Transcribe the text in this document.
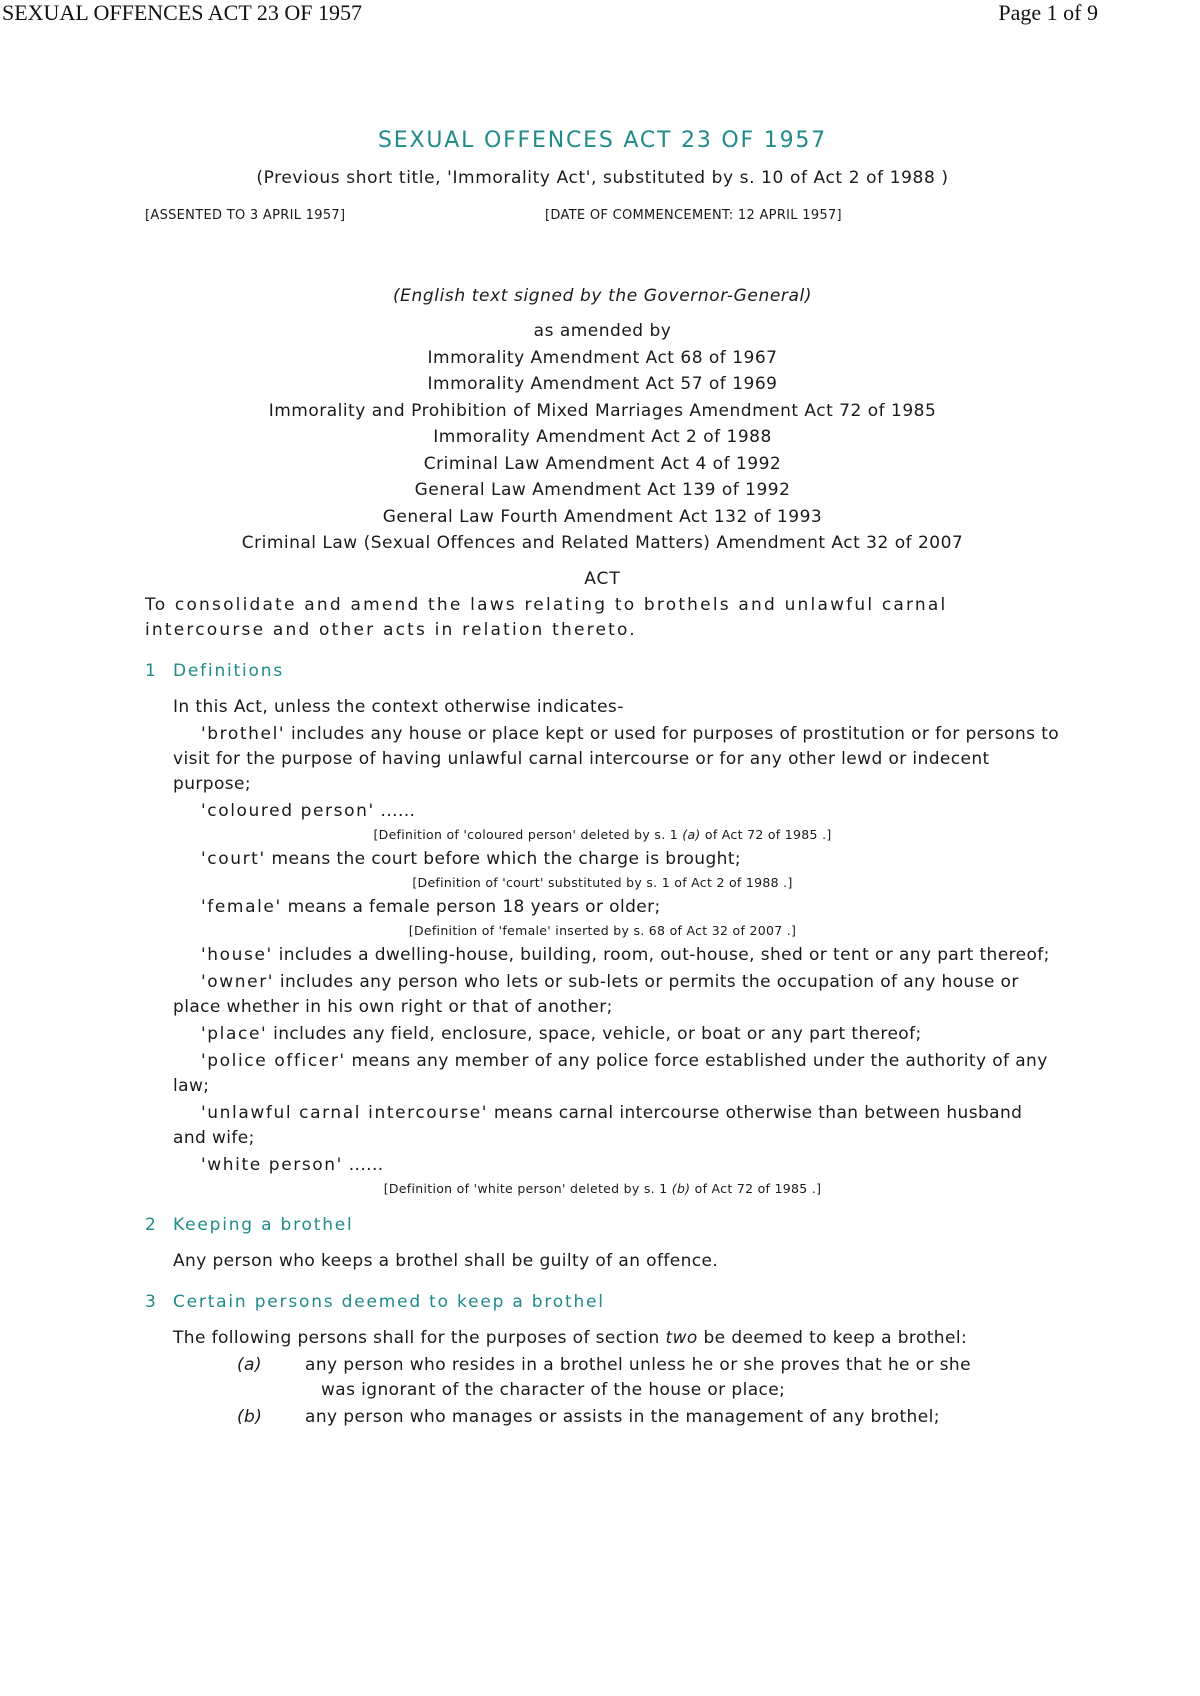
SEXUAL OFFENCES ACT 23 OF 1957	Page 1 of 9

SEXUAL OFFENCES ACT 23 OF 1957

(Previous short title, 'Immorality Act', substituted by s. 10 of Act 2 of 1988 )

[ASSENTED TO 3 APRIL 1957]	[DATE OF COMMENCEMENT: 12 APRIL 1957]
(English text signed by the Governor-General)
as amended by
Immorality Amendment Act 68 of 1967
Immorality Amendment Act 57 of 1969
Immorality and Prohibition of Mixed Marriages Amendment Act 72 of 1985
Immorality Amendment Act 2 of 1988
Criminal Law Amendment Act 4 of 1992
General Law Amendment Act 139 of 1992
General Law Fourth Amendment Act 132 of 1993
Criminal Law (Sexual Offences and Related Matters) Amendment Act 32 of 2007
ACT
To consolidate and amend the laws relating to brothels and unlawful carnal intercourse and other acts in relation thereto.
1 Definitions
In this Act, unless the context otherwise indicates-
'brothel' includes any house or place kept or used for purposes of prostitution or for persons to visit for the purpose of having unlawful carnal intercourse or for any other lewd or indecent purpose;
'coloured person' ......
[Definition of 'coloured person' deleted by s. 1 (a) of Act 72 of 1985 .]
'court' means the court before which the charge is brought;
[Definition of 'court' substituted by s. 1 of Act 2 of 1988 .]
'female' means a female person 18 years or older;
[Definition of 'female' inserted by s. 68 of Act 32 of 2007 .]
'house' includes a dwelling-house, building, room, out-house, shed or tent or any part thereof;
'owner' includes any person who lets or sub-lets or permits the occupation of any house or place whether in his own right or that of another;
'place' includes any field, enclosure, space, vehicle, or boat or any part thereof;
'police officer' means any member of any police force established under the authority of any law;
'unlawful carnal intercourse' means carnal intercourse otherwise than between husband and wife;
'white person' ......
[Definition of 'white person' deleted by s. 1 (b) of Act 72 of 1985 .]
2 Keeping a brothel
Any person who keeps a brothel shall be guilty of an offence.
3 Certain persons deemed to keep a brothel
The following persons shall for the purposes of section two be deemed to keep a brothel:
(a)	any person who resides in a brothel unless he or she proves that he or she
was ignorant of the character of the house or place;
(b)	any person who manages or assists in the management of any brothel;
